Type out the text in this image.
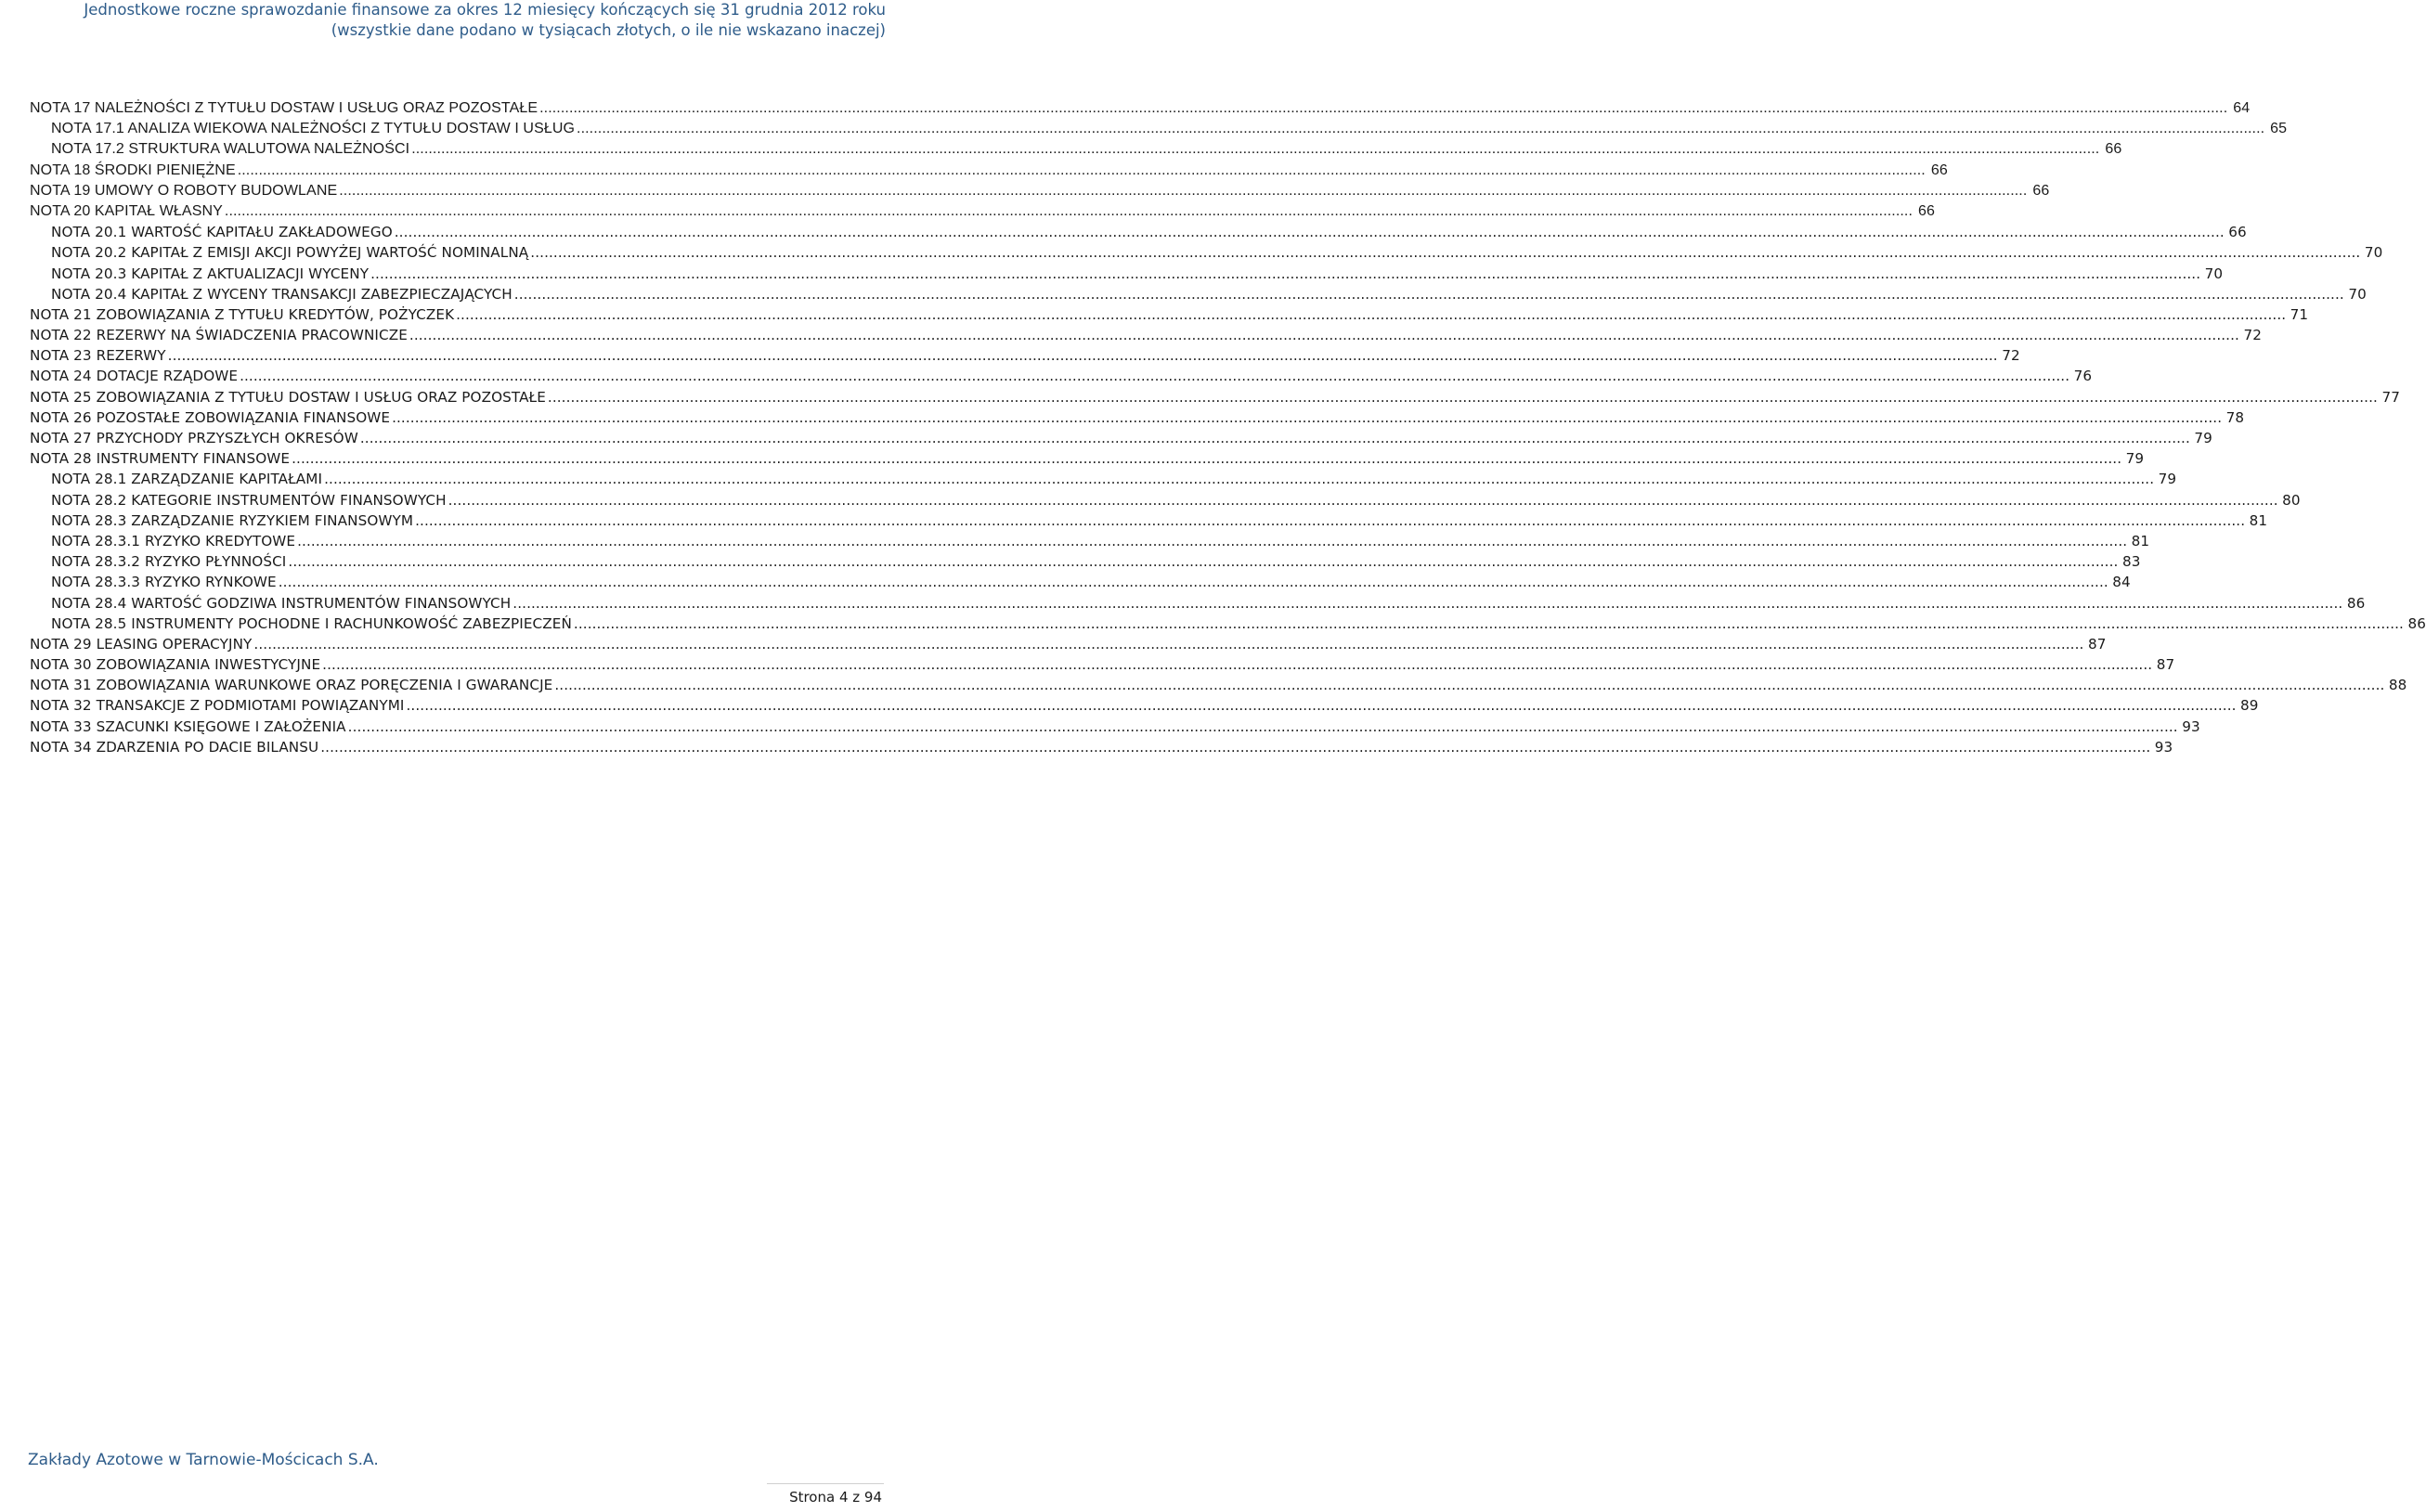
Jednostkowe roczne sprawozdanie finansowe za okres 12 miesięcy kończących się 31 grudnia 2012 roku
(wszystkie dane podano w tysiącach złotych, o ile nie wskazano inaczej)
NOTA 17 NALEŻNOŚCI Z TYTUŁU DOSTAW I USŁUG ORAZ POZOSTAŁE ................................................................................................................................................................................................................................................................................................................................................................................................................ 64
NOTA 17.1 ANALIZA WIEKOWA NALEŻNOŚCI Z TYTUŁU DOSTAW I USŁUG ................................................................................................................................................................................................................................................................................................................................................................................................................ 65
NOTA 17.2 STRUKTURA WALUTOWA NALEŻNOŚCI ................................................................................................................................................................................................................................................................................................................................................................................................................ 66
NOTA 18 ŚRODKI PIENIĘŻNE ................................................................................................................................................................................................................................................................................................................................................................................................................ 66
NOTA 19 UMOWY O ROBOTY BUDOWLANE ................................................................................................................................................................................................................................................................................................................................................................................................................ 66
NOTA 20 KAPITAŁ WŁASNY ................................................................................................................................................................................................................................................................................................................................................................................................................ 66
NOTA 20.1 WARTOŚĆ KAPITAŁU ZAKŁADOWEGO ................................................................................................................................................................................................................................................................................................................................................................................................................ 66
NOTA 20.2 KAPITAŁ Z EMISJI AKCJI POWYŻEJ WARTOŚĆ NOMINALNĄ ................................................................................................................................................................................................................................................................................................................................................................................................................ 70
NOTA 20.3 KAPITAŁ Z AKTUALIZACJI WYCENY ................................................................................................................................................................................................................................................................................................................................................................................................................ 70
NOTA 20.4 KAPITAŁ Z WYCENY TRANSAKCJI ZABEZPIECZAJĄCYCH ................................................................................................................................................................................................................................................................................................................................................................................................................ 70
NOTA 21 ZOBOWIĄZANIA Z TYTUŁU KREDYTÓW, POŻYCZEK ................................................................................................................................................................................................................................................................................................................................................................................................................ 71
NOTA 22 REZERWY NA ŚWIADCZENIA PRACOWNICZE ................................................................................................................................................................................................................................................................................................................................................................................................................ 72
NOTA 23 REZERWY ................................................................................................................................................................................................................................................................................................................................................................................................................ 72
NOTA 24 DOTACJE RZĄDOWE ................................................................................................................................................................................................................................................................................................................................................................................................................ 76
NOTA 25 ZOBOWIĄZANIA Z TYTUŁU DOSTAW I USŁUG ORAZ POZOSTAŁE ................................................................................................................................................................................................................................................................................................................................................................................................................ 77
NOTA 26 POZOSTAŁE ZOBOWIĄZANIA FINANSOWE ................................................................................................................................................................................................................................................................................................................................................................................................................ 78
NOTA 27 PRZYCHODY PRZYSZŁYCH OKRESÓW ................................................................................................................................................................................................................................................................................................................................................................................................................ 79
NOTA 28 INSTRUMENTY FINANSOWE ................................................................................................................................................................................................................................................................................................................................................................................................................ 79
NOTA 28.1 ZARZĄDZANIE KAPITAŁAMI ................................................................................................................................................................................................................................................................................................................................................................................................................ 79
NOTA 28.2 KATEGORIE INSTRUMENTÓW FINANSOWYCH ................................................................................................................................................................................................................................................................................................................................................................................................................ 80
NOTA 28.3 ZARZĄDZANIE RYZYKIEM FINANSOWYM ................................................................................................................................................................................................................................................................................................................................................................................................................ 81
NOTA 28.3.1 RYZYKO KREDYTOWE ................................................................................................................................................................................................................................................................................................................................................................................................................ 81
NOTA 28.3.2 RYZYKO PŁYNNOŚCI ................................................................................................................................................................................................................................................................................................................................................................................................................ 83
NOTA 28.3.3 RYZYKO RYNKOWE ................................................................................................................................................................................................................................................................................................................................................................................................................ 84
NOTA 28.4 WARTOŚĆ GODZIWA INSTRUMENTÓW FINANSOWYCH ................................................................................................................................................................................................................................................................................................................................................................................................................ 86
NOTA 28.5 INSTRUMENTY POCHODNE I RACHUNKOWOŚĆ ZABEZPIECZEŃ ................................................................................................................................................................................................................................................................................................................................................................................................................ 86
NOTA 29 LEASING OPERACYJNY ................................................................................................................................................................................................................................................................................................................................................................................................................ 87
NOTA 30 ZOBOWIĄZANIA INWESTYCYJNE ................................................................................................................................................................................................................................................................................................................................................................................................................ 87
NOTA 31 ZOBOWIĄZANIA WARUNKOWE ORAZ PORĘCZENIA I GWARANCJE ................................................................................................................................................................................................................................................................................................................................................................................................................ 88
NOTA 32 TRANSAKCJE Z PODMIOTAMI POWIĄZANYMI ................................................................................................................................................................................................................................................................................................................................................................................................................ 89
NOTA 33 SZACUNKI KSIĘGOWE I ZAŁOŻENIA ................................................................................................................................................................................................................................................................................................................................................................................................................ 93
NOTA 34 ZDARZENIA PO DACIE BILANSU ................................................................................................................................................................................................................................................................................................................................................................................................................ 93
Zakłady Azotowe w Tarnowie-Mościcach S.A.
Strona 4 z 94
